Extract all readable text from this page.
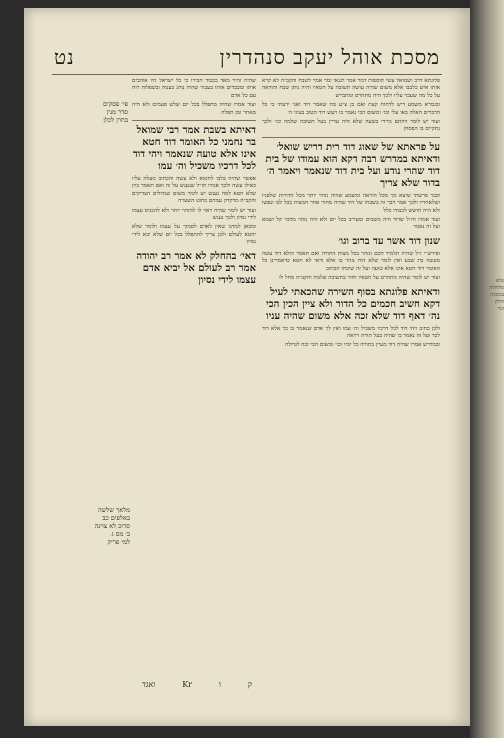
מסכת אוהל יעקב סנהדרין
נט

פלוגתא דרב ושמואל עשי תוספות דמר אמר לגנאי ומר אמר לשבח והקב״ה לא קרא אותו איש כלבבו אלא משום שהיה עושה תשובה על חטאיו והיה נותן שבח והודאה על כל מה שעבר עליו ולכך היה מתחרט ומתבייש

ובגמרא משמע דיש לדחות קצת ואם כן צ״ע מה שאמר דוד ואני ידעתי כי כל הדברים האלה באו עלי וכו׳ ומשום הכי נאמר בו ויעש דוד הטוב בעיני ה׳

ועוד יש לומר דהתם מיירי בשעה שלא היה עדיין בעל תשובה שלמה וכו׳ ולכך נתקיים בו הפסוק

על פראתא של שאוג דוד רית דריש שואל׳ ודאיתא במדרש רבה דקא הוא עמודו של בית דוד שהרי נודע ועל בית דוד שנאמר ויאמר ה׳ בדור שלא צריך

וכבר פרשתי שיצא נקי מכל הוראה ומשמע שהיה נזהר יותר מכל הדורות שלפניו ושלאחריו ולכך אמר דבר זה בשבחו של דוד שהיה מחזר אחר המצות בכל לבו ונפשו ולא היה חושש לכבודו כלל

ועוד אמרו חז״ל שדוד היה משכים ומעריב בכל יום ולא היה נזהר מדבר קל ושמא ועל זה נאמר

שנון דוד אשר עד ברוב וגו׳

ופירש״י ז״ל שהיה תלמיד חכם ונזהר בכל מצות התורה ואם תאמר והלא דוד עשה מעשה בת שבע ואין לומר שלא היה נזהר בו אלא ודאי לא חטא כדאמרינן כל האומר דוד חטא אינו אלא טועה ועל זה שיבחו הכתוב

ועוד יש לומר שהיה מתחרט על חטאיו וחזר בתשובה שלמה והקב״ה מחל לו

ודאיתא פלוגתא בסוף השירה שהכאתי לעיל דקא חשיב חכמים כל הדור ולא ציין הכין הכי נה׳ דאף דוד שלא זכה אלא משום שהיה עניו

ולכן כתיב ויהי דוד לכל דרכיו משכיל וה׳ עמו ואין לך אדם שנאמר בו כך אלא דוד לבד ועל זה נאמר בו שהיה בעל תורה ויראה

ובמדרש אמרו שהיה דוד מעיין בתורה כל ימיו וכו׳ ומשום הכי זכה לגדולה

שהיה זהיר מאד בכבוד חבירו כי כל ישראל היו אוהבים אותו ומכבדים אותו בעבור שהיה נוהג בענוה ובשפלות רוח עם כל אדם

ועוד אמרו שהיה מתפלל בכל יום שלש פעמים ולא היה מאחר זמן תפלה

דאיתא בשבת אמר רבי שמואל בר נחמני כל האומר דוד חטא אינו אלא טועה שנאמר ויהי דוד לכל דרכיו משכיל וה׳ עמו

אפשר שהיה בלבו לחטוא ולא עשה והכתוב מעלה עליו כאילו עשה ולכך אמרו חז״ל שנענש על זה ואם תאמר כיון שלא חטא למה נענש יש לומר משום שגדולים הצדיקים והקב״ה מדקדק עמהם כחוט השערה

ועוד יש לומר שהיה ראוי לו להזהר יותר ולא להכניס עצמו לידי נסיון ולכך נענש

ומכאן למדנו שאין לאדם לסמוך על עצמו ולומר שלא יחטא לעולם ולכן צריך להתפלל בכל יום שלא יבא לידי נסיון

דאי׳ בהחלק לא אמר רב יהודה אמר רב לעולם אל יביא אדם עצמו לידי נסיון
ק
ו
Kr
ואגד
פי׳ פסקים
סדר מנין
בחרן לכלן
מלאך שלשה
באלפים כב
סרוכ לא צוינה
ב׳ מס ג
למי פריק
טלא
סלוחלה
במסכת
וחלק
זכר
